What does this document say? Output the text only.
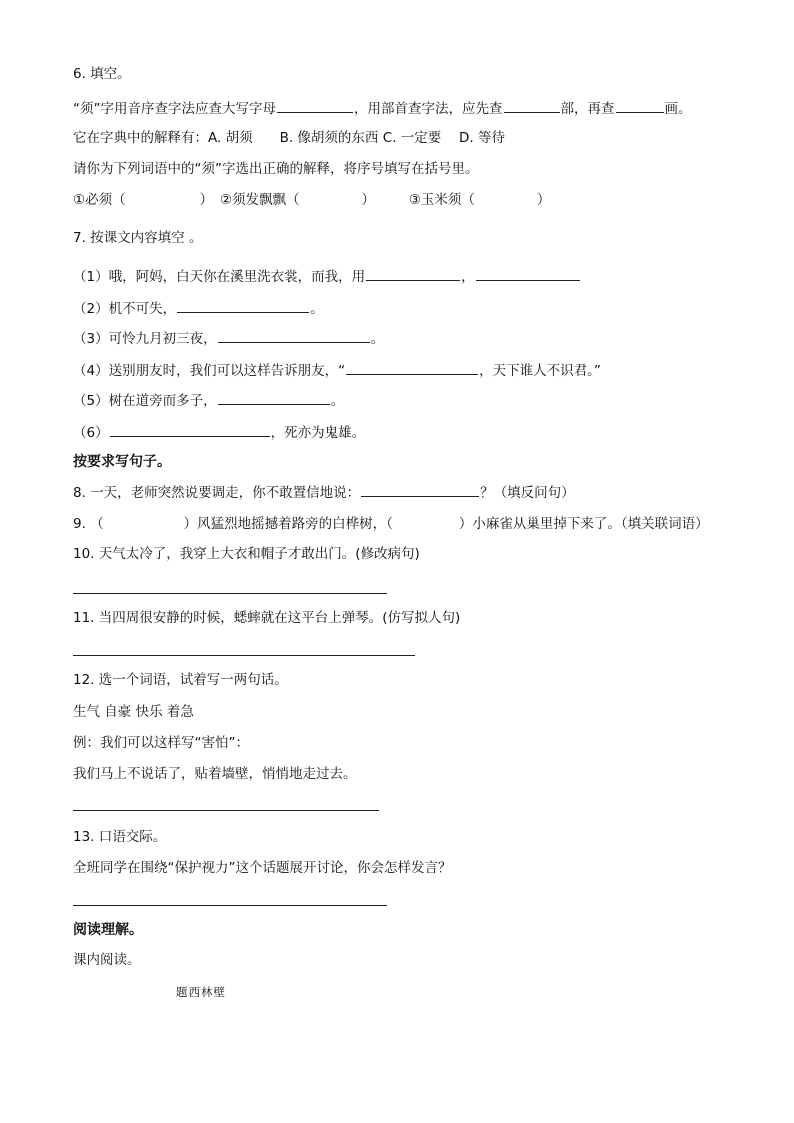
6. 填空。
“须”字用音序查字法应查大写字母	，用部首查字法，应先查	部，再查	画。
它在字典中的解释有：A. 胡须　　B. 像胡须的东西 C. 一定要　 D. 等待
请你为下列词语中的“须”字选出正确的解释，将序号填写在括号里。
①必须（	）　②须发飘飘（	）　　　③玉米须（	）
7. 按课文内容填空 。
（1）哦，阿妈，白天你在溪里洗衣裳，而我，用	，
（2）机不可失，	。
（3）可怜九月初三夜，	。
（4）送别朋友时，我们可以这样告诉朋友，“	，天下谁人不识君。”
（5）树在道旁而多子，	。
（6）	，死亦为鬼雄。
按要求写句子。
8. 一天，老师突然说要调走，你不敢置信地说：	？（填反问句）
9. （	）风猛烈地摇撼着路旁的白桦树，（	）小麻雀从巢里掉下来了。（填关联词语）
10. 天气太冷了，我穿上大衣和帽子才敢出门。(修改病句)
11. 当四周很安静的时候，蟋蟀就在这平台上弹琴。(仿写拟人句)
12. 选一个词语，试着写一两句话。
生气 自豪 快乐 着急
例：我们可以这样写“害怕”：
我们马上不说话了，贴着墙壁，悄悄地走过去。
13. 口语交际。
全班同学在围绕“保护视力”这个话题展开讨论，你会怎样发言？
阅读理解。
课内阅读。
题西林壁
